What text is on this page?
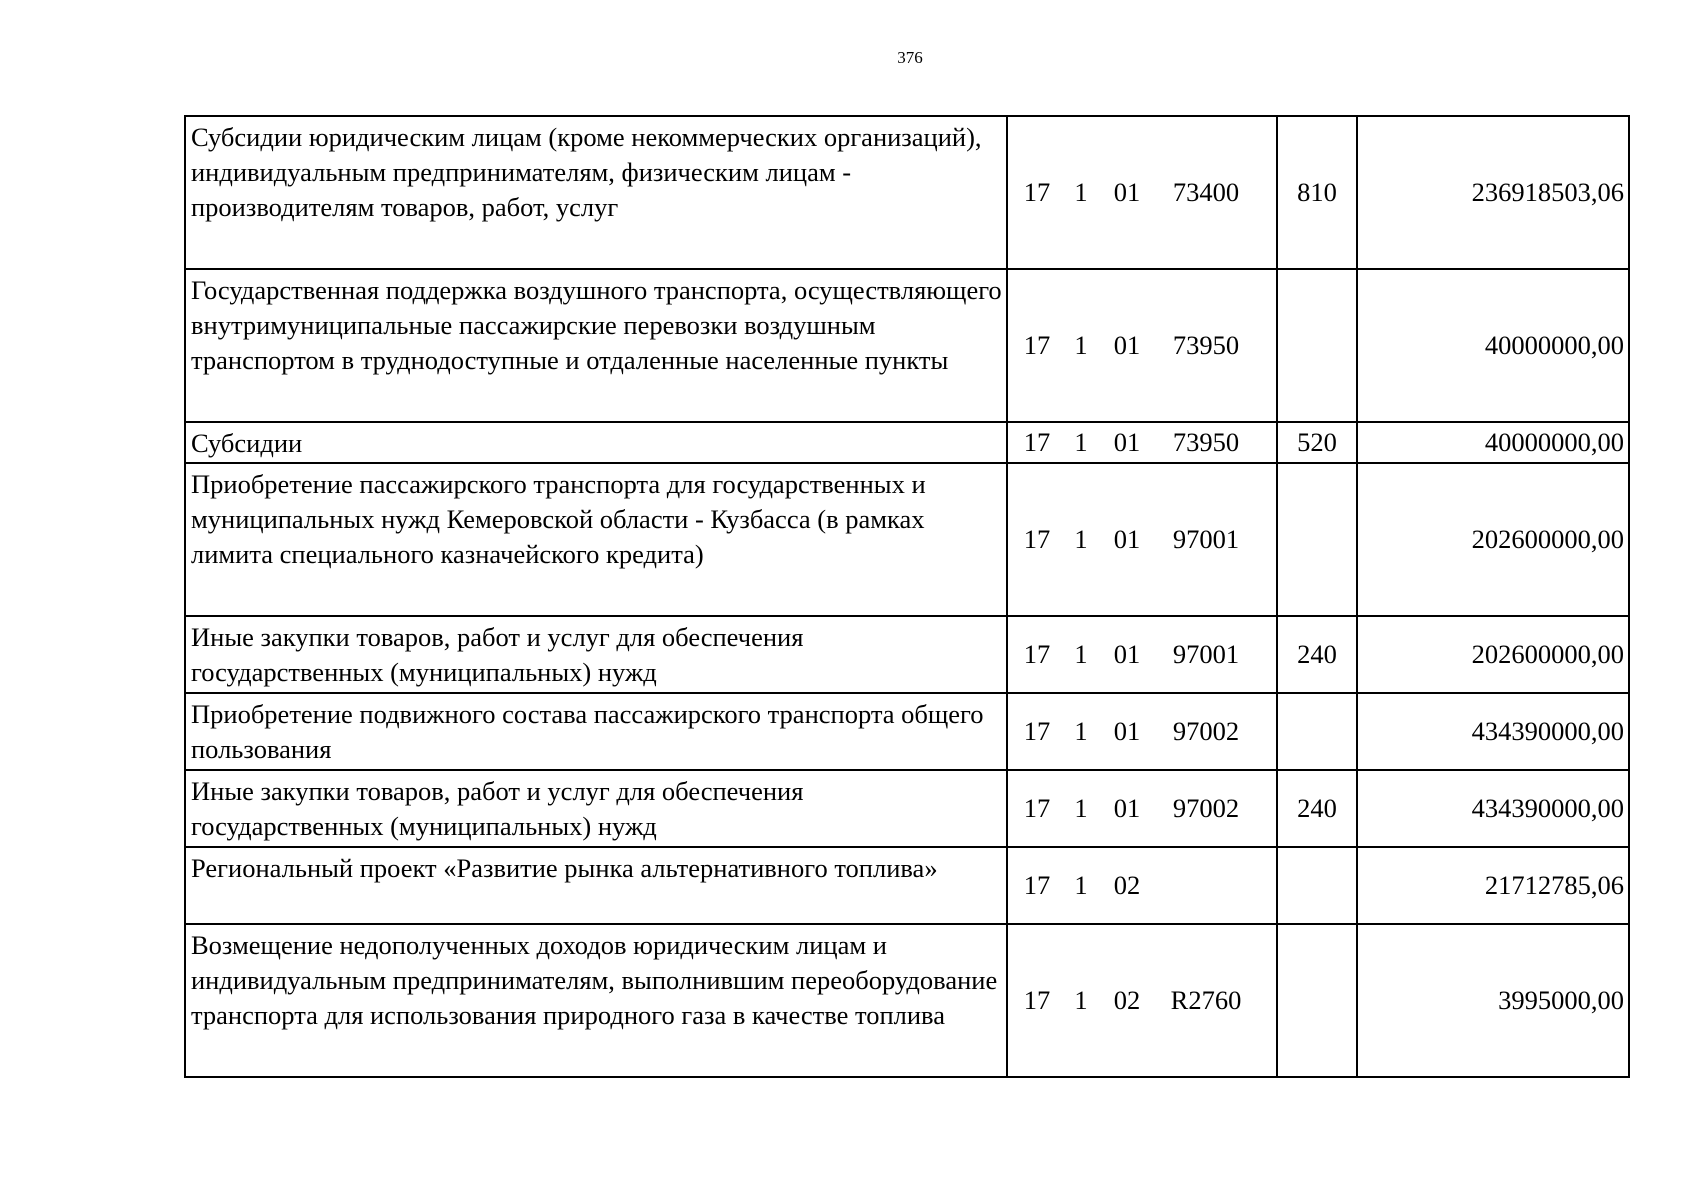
376
Субсидии юридическим лицам (кроме некоммерческих организаций), индивидуальным предпринимателям, физическим лицам - производителям товаров, работ, услуг	17 1 01 73400	810	236918503,06
Государственная поддержка воздушного транспорта, осуществляющего внутримуниципальные пассажирские перевозки воздушным транспортом в труднодоступные и отдаленные населенные пункты	17 1 01 73950		40000000,00
Субсидии	17 1 01 73950	520	40000000,00
Приобретение пассажирского транспорта для государственных и муниципальных нужд Кемеровской области - Кузбасса (в рамках лимита специального казначейского кредита)	17 1 01 97001		202600000,00
Иные закупки товаров, работ и услуг для обеспечения государственных (муниципальных) нужд	17 1 01 97001	240	202600000,00
Приобретение подвижного состава пассажирского транспорта общего пользования	17 1 01 97002		434390000,00
Иные закупки товаров, работ и услуг для обеспечения государственных (муниципальных) нужд	17 1 01 97002	240	434390000,00
Региональный проект «Развитие рынка альтернативного топлива»	17 1 02		21712785,06
Возмещение недополученных доходов юридическим лицам и индивидуальным предпринимателям, выполнившим переоборудование транспорта для использования природного газа в качестве топлива	17 1 02 R2760		3995000,00
